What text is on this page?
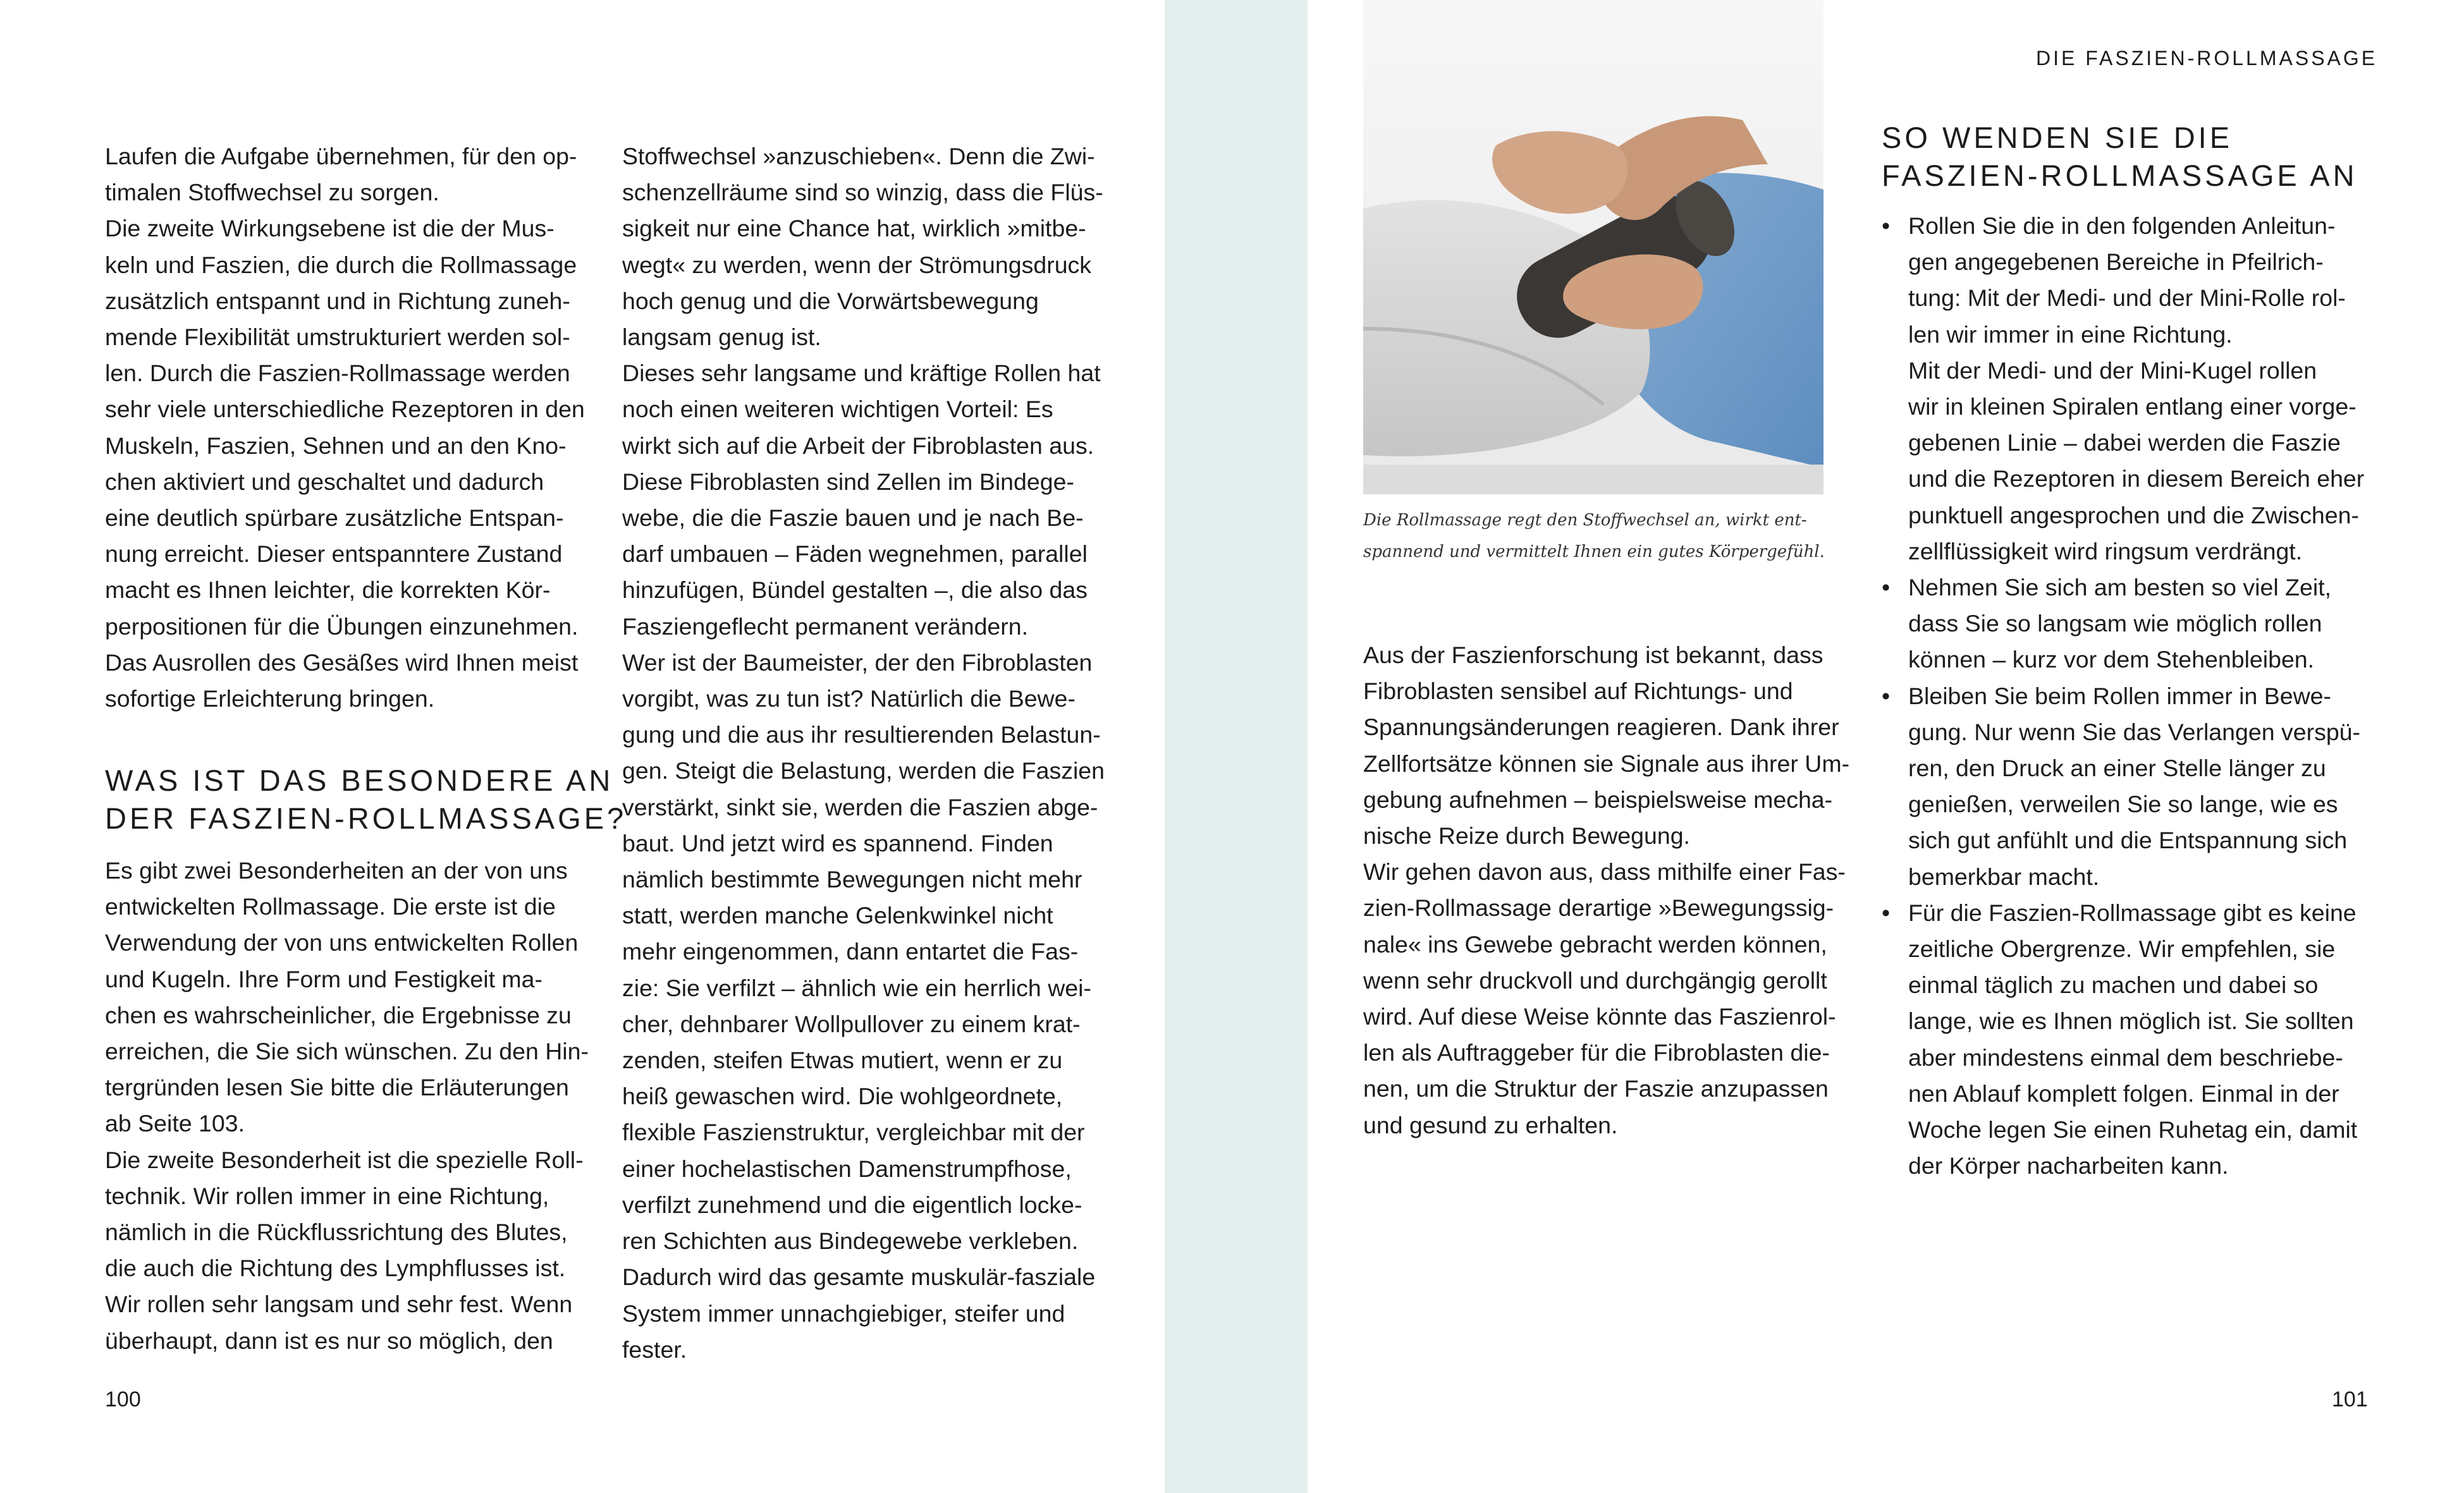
Laufen die Aufgabe übernehmen, für den op-
timalen Stoffwechsel zu sorgen.
Die zweite Wirkungsebene ist die der Mus-
keln und Faszien, die durch die Rollmassage
zusätzlich entspannt und in Richtung zuneh-
mende Flexibilität umstrukturiert werden sol-
len. Durch die Faszien-Rollmassage werden
sehr viele unterschiedliche Rezeptoren in den
Muskeln, Faszien, Sehnen und an den Kno-
chen aktiviert und geschaltet und dadurch
eine deutlich spürbare zusätzliche Entspan-
nung erreicht. Dieser entspanntere Zustand
macht es Ihnen leichter, die korrekten Kör-
perpositionen für die Übungen einzunehmen.
Das Ausrollen des Gesäßes wird Ihnen meist
sofortige Erleichterung bringen.
WAS IST DAS BESONDERE AN
DER FASZIEN-ROLLMASSAGE?
Es gibt zwei Besonderheiten an der von uns
entwickelten Rollmassage. Die erste ist die
Verwendung der von uns entwickelten Rollen
und Kugeln. Ihre Form und Festigkeit ma-
chen es wahrscheinlicher, die Ergebnisse zu
erreichen, die Sie sich wünschen. Zu den Hin-
tergründen lesen Sie bitte die Erläuterungen
ab Seite 103.
Die zweite Besonderheit ist die spezielle Roll-
technik. Wir rollen immer in eine Richtung,
nämlich in die Rückflussrichtung des Blutes,
die auch die Richtung des Lymphflusses ist.
Wir rollen sehr langsam und sehr fest. Wenn
überhaupt, dann ist es nur so möglich, den
Stoffwechsel »anzuschieben«. Denn die Zwi-
schenzellräume sind so winzig, dass die Flüs-
sigkeit nur eine Chance hat, wirklich »mitbe-
wegt« zu werden, wenn der Strömungsdruck
hoch genug und die Vorwärtsbewegung
langsam genug ist.
Dieses sehr langsame und kräftige Rollen hat
noch einen weiteren wichtigen Vorteil: Es
wirkt sich auf die Arbeit der Fibroblasten aus.
Diese Fibroblasten sind Zellen im Bindege-
webe, die die Faszie bauen und je nach Be-
darf umbauen – Fäden wegnehmen, parallel
hinzufügen, Bündel gestalten –, die also das
Fasziengeflecht permanent verändern.
Wer ist der Baumeister, der den Fibroblasten
vorgibt, was zu tun ist? Natürlich die Bewe-
gung und die aus ihr resultierenden Belastun-
gen. Steigt die Belastung, werden die Faszien
verstärkt, sinkt sie, werden die Faszien abge-
baut. Und jetzt wird es spannend. Finden
nämlich bestimmte Bewegungen nicht mehr
statt, werden manche Gelenkwinkel nicht
mehr eingenommen, dann entartet die Fas-
zie: Sie verfilzt – ähnlich wie ein herrlich wei-
cher, dehnbarer Wollpullover zu einem krat-
zenden, steifen Etwas mutiert, wenn er zu
heiß gewaschen wird. Die wohlgeordnete,
flexible Faszienstruktur, vergleichbar mit der
einer hochelastischen Damenstrumpfhose,
verfilzt zunehmend und die eigentlich locke-
ren Schichten aus Bindegewebe verkleben.
Dadurch wird das gesamte muskulär-fasziale
System immer unnachgiebiger, steifer und
fester.
100
DIE FASZIEN-ROLLMASSAGE
Die Rollmassage regt den Stoffwechsel an, wirkt ent-
spannend und vermittelt Ihnen ein gutes Körpergefühl.
Aus der Faszienforschung ist bekannt, dass
Fibroblasten sensibel auf Richtungs- und
Spannungsänderungen reagieren. Dank ihrer
Zellfortsätze können sie Signale aus ihrer Um-
gebung aufnehmen – beispielsweise mecha-
nische Reize durch Bewegung.
Wir gehen davon aus, dass mithilfe einer Fas-
zien-Rollmassage derartige »Bewegungssig-
nale« ins Gewebe gebracht werden können,
wenn sehr druckvoll und durchgängig gerollt
wird. Auf diese Weise könnte das Faszienrol-
len als Auftraggeber für die Fibroblasten die-
nen, um die Struktur der Faszie anzupassen
und gesund zu erhalten.
SO WENDEN SIE DIE
FASZIEN-ROLLMASSAGE AN
• Rollen Sie die in den folgenden Anleitun-
gen angegebenen Bereiche in Pfeilrich-
tung: Mit der Medi- und der Mini-Rolle rol-
len wir immer in eine Richtung.
Mit der Medi- und der Mini-Kugel rollen
wir in kleinen Spiralen entlang einer vorge-
gebenen Linie – dabei werden die Faszie
und die Rezeptoren in diesem Bereich eher
punktuell angesprochen und die Zwischen-
zellflüssigkeit wird ringsum verdrängt.
• Nehmen Sie sich am besten so viel Zeit,
dass Sie so langsam wie möglich rollen
können – kurz vor dem Stehenbleiben.
• Bleiben Sie beim Rollen immer in Bewe-
gung. Nur wenn Sie das Verlangen verspü-
ren, den Druck an einer Stelle länger zu
genießen, verweilen Sie so lange, wie es
sich gut anfühlt und die Entspannung sich
bemerkbar macht.
• Für die Faszien-Rollmassage gibt es keine
zeitliche Obergrenze. Wir empfehlen, sie
einmal täglich zu machen und dabei so
lange, wie es Ihnen möglich ist. Sie sollten
aber mindestens einmal dem beschriebe-
nen Ablauf komplett folgen. Einmal in der
Woche legen Sie einen Ruhetag ein, damit
der Körper nacharbeiten kann.
101
